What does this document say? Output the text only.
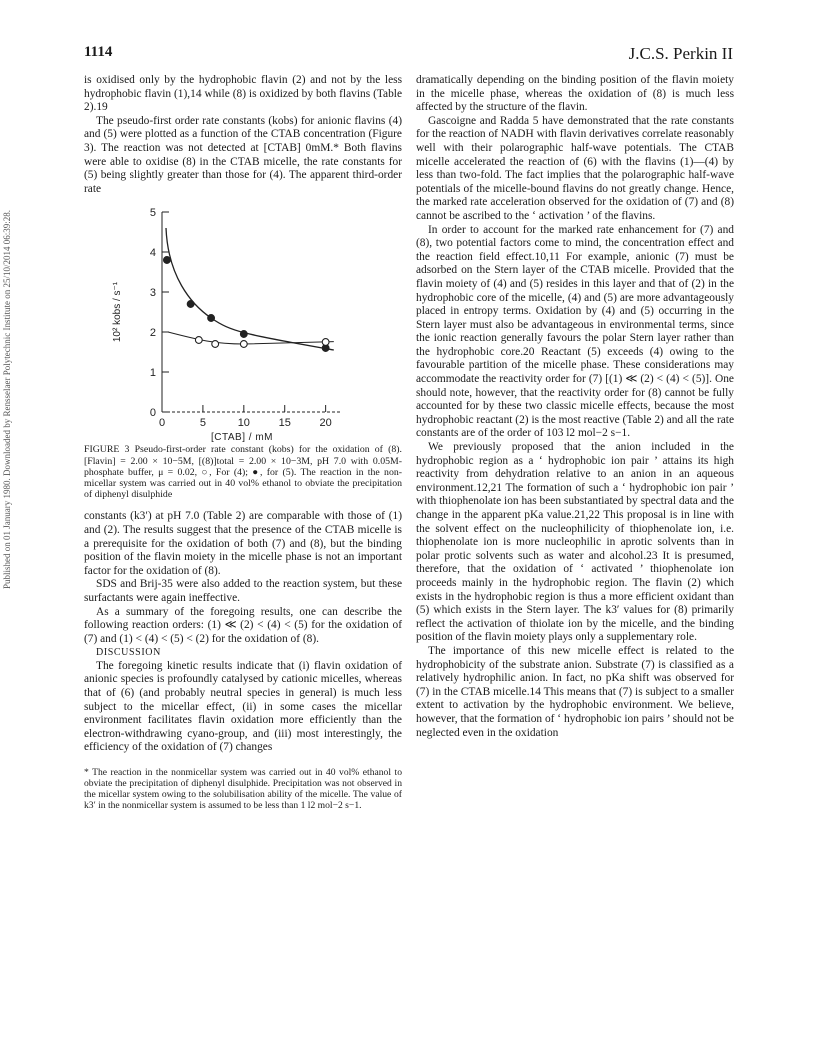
1114	J.C.S. Perkin II
Published on 01 January 1980. Downloaded by Rensselaer Polytechnic Institute on 25/10/2014 06:39:28.

is oxidised only by the hydrophobic flavin (2) and not by the less hydrophobic flavin (1),14 while (8) is oxidized by both flavins (Table 2).19

The pseudo-first order rate constants (kobs) for anionic flavins (4) and (5) were plotted as a function of the CTAB concentration (Figure 3). The reaction was not detected at [CTAB] 0mM.* Both flavins were able to oxidise (8) in the CTAB micelle, the rate constants for (5) being slightly greater than those for (4). The apparent third-order rate

0
1
2
3
4
5
0	5	10	15	20
[CTAB] / mM
10² kobs / s⁻¹

FIGURE 3 Pseudo-first-order rate constant (kobs) for the oxidation of (8). [Flavin] = 2.00 × 10−5M, [(8)]total = 2.00 × 10−3M, pH 7.0 with 0.05M-phosphate buffer, μ = 0.02, ○, For (4); ●, for (5). The reaction in the non-micellar system was carried out in 40 vol% ethanol to obviate the precipitation of diphenyl disulphide

constants (k3′) at pH 7.0 (Table 2) are comparable with those of (1) and (2). The results suggest that the presence of the CTAB micelle is a prerequisite for the oxidation of both (7) and (8), but the binding position of the flavin moiety in the micelle phase is not an important factor for the oxidation of (8).

SDS and Brij-35 were also added to the reaction system, but these surfactants were again ineffective.

As a summary of the foregoing results, one can describe the following reaction orders: (1) ≪ (2) < (4) < (5) for the oxidation of (7) and (1) < (4) < (5) < (2) for the oxidation of (8).

DISCUSSION

The foregoing kinetic results indicate that (i) flavin oxidation of anionic species is profoundly catalysed by cationic micelles, whereas that of (6) (and probably neutral species in general) is much less subject to the micellar effect, (ii) in some cases the micellar environment facilitates flavin oxidation more efficiently than the electron-withdrawing cyano-group, and (iii) most interestingly, the efficiency of the oxidation of (7) changes

* The reaction in the nonmicellar system was carried out in 40 vol% ethanol to obviate the precipitation of diphenyl disulphide. Precipitation was not observed in the micellar system owing to the solubilisation ability of the micelle. The value of k3′ in the nonmicellar system is assumed to be less than 1 l2 mol−2 s−1.

dramatically depending on the binding position of the flavin moiety in the micelle phase, whereas the oxidation of (8) is much less affected by the structure of the flavin.

Gascoigne and Radda 5 have demonstrated that the rate constants for the reaction of NADH with flavin derivatives correlate reasonably well with their polarographic half-wave potentials. The CTAB micelle accelerated the reaction of (6) with the flavins (1)—(4) by less than two-fold. The fact implies that the polarographic half-wave potentials of the micelle-bound flavins do not greatly change. Hence, the marked rate acceleration observed for the oxidation of (7) and (8) cannot be ascribed to the ‘ activation ’ of the flavins.

In order to account for the marked rate enhancement for (7) and (8), two potential factors come to mind, the concentration effect and the reaction field effect.10,11 For example, anionic (7) must be adsorbed on the Stern layer of the CTAB micelle. Provided that the flavin moiety of (4) and (5) resides in this layer and that of (2) in the hydrophobic core of the micelle, (4) and (5) are more advantageously placed in entropy terms. Oxidation by (4) and (5) occurring in the Stern layer must also be advantageous in environmental terms, since the ionic reaction generally favours the polar Stern layer rather than the hydrophobic core.20 Reactant (5) exceeds (4) owing to the favourable partition of the micelle phase. These considerations may accommodate the reactivity order for (7) [(1) ≪ (2) < (4) < (5)]. One should note, however, that the reactivity order for (8) cannot be fully accounted for by these two classic micelle effects, because the most hydrophobic reactant (2) is the most reactive (Table 2) and all the rate constants are of the order of 103 l2 mol−2 s−1.

We previously proposed that the anion included in the hydrophobic region as a ‘ hydrophobic ion pair ’ attains its high reactivity from dehydration relative to an anion in an aqueous environment.12,21 The formation of such a ‘ hydrophobic ion pair ’ with thiophenolate ion has been substantiated by spectral data and the change in the apparent pKa value.21,22 This proposal is in line with the solvent effect on the nucleophilicity of thiophenolate ion, i.e. thiophenolate ion is more nucleophilic in aprotic solvents than in polar protic solvents such as water and alcohol.23 It is presumed, therefore, that the oxidation of ‘ activated ’ thiophenolate ion proceeds mainly in the hydrophobic region. The flavin (2) which exists in the hydrophobic region is thus a more efficient oxidant than (5) which exists in the Stern layer. The k3′ values for (8) primarily reflect the activation of thiolate ion by the micelle, and the binding position of the flavin moiety plays only a supplementary role.

The importance of this new micelle effect is related to the hydrophobicity of the substrate anion. Substrate (7) is classified as a relatively hydrophilic anion. In fact, no pKa shift was observed for (7) in the CTAB micelle.14 This means that (7) is subject to a smaller extent to activation by the hydrophobic environment. We believe, however, that the formation of ‘ hydrophobic ion pairs ’ should not be neglected even in the oxidation
